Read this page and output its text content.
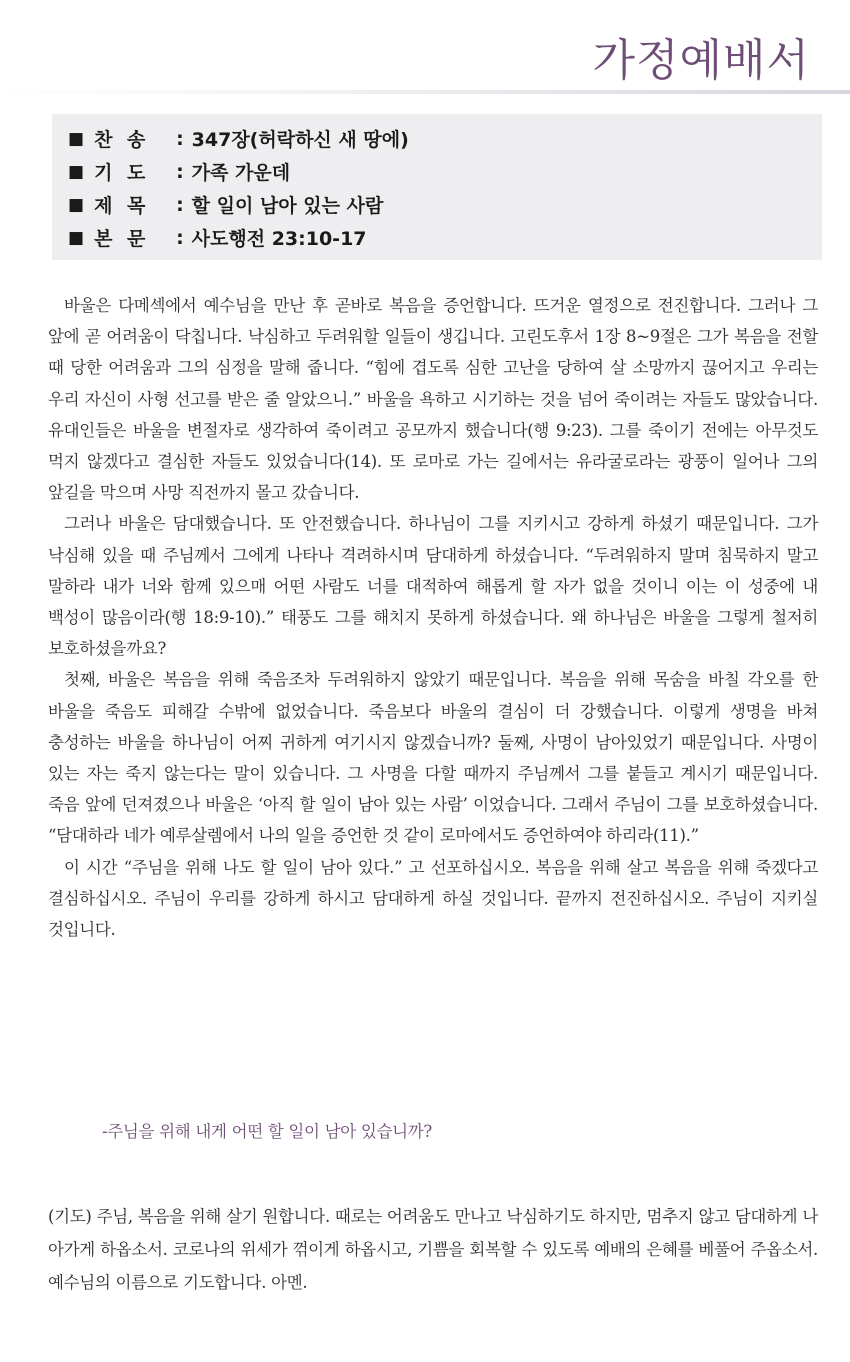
가정예배서
■ 찬 송	: 347장(허락하신 새 땅에)
■ 기 도	: 가족 가운데
■ 제 목	: 할 일이 남아 있는 사람
■ 본 문	: 사도행전 23:10-17

바울은 다메섹에서 예수님을 만난 후 곧바로 복음을 증언합니다. 뜨거운 열정으로 전진합니다. 그러나 그 앞에 곧 어려움이 닥칩니다. 낙심하고 두려워할 일들이 생깁니다. 고린도후서 1장 8~9절은 그가 복음을 전할 때 당한 어려움과 그의 심정을 말해 줍니다. “힘에 겹도록 심한 고난을 당하여 살 소망까지 끊어지고 우리는 우리 자신이 사형 선고를 받은 줄 알았으니.” 바울을 욕하고 시기하는 것을 넘어 죽이려는 자들도 많았습니다. 유대인들은 바울을 변절자로 생각하여 죽이려고 공모까지 했습니다(행 9:23). 그를 죽이기 전에는 아무것도 먹지 않겠다고 결심한 자들도 있었습니다(14). 또 로마로 가는 길에서는 유라굴로라는 광풍이 일어나 그의 앞길을 막으며 사망 직전까지 몰고 갔습니다.

그러나 바울은 담대했습니다. 또 안전했습니다. 하나님이 그를 지키시고 강하게 하셨기 때문입니다. 그가 낙심해 있을 때 주님께서 그에게 나타나 격려하시며 담대하게 하셨습니다. “두려워하지 말며 침묵하지 말고 말하라 내가 너와 함께 있으매 어떤 사람도 너를 대적하여 해롭게 할 자가 없을 것이니 이는 이 성중에 내 백성이 많음이라(행 18:9-10).” 태풍도 그를 해치지 못하게 하셨습니다. 왜 하나님은 바울을 그렇게 철저히 보호하셨을까요?

첫째, 바울은 복음을 위해 죽음조차 두려워하지 않았기 때문입니다. 복음을 위해 목숨을 바칠 각오를 한 바울을 죽음도 피해갈 수밖에 없었습니다. 죽음보다 바울의 결심이 더 강했습니다. 이렇게 생명을 바쳐 충성하는 바울을 하나님이 어찌 귀하게 여기시지 않겠습니까? 둘째, 사명이 남아있었기 때문입니다. 사명이 있는 자는 죽지 않는다는 말이 있습니다. 그 사명을 다할 때까지 주님께서 그를 붙들고 계시기 때문입니다. 죽음 앞에 던져졌으나 바울은 ‘아직 할 일이 남아 있는 사람’ 이었습니다. 그래서 주님이 그를 보호하셨습니다. “담대하라 네가 예루살렘에서 나의 일을 증언한 것 같이 로마에서도 증언하여야 하리라(11).”

이 시간 “주님을 위해 나도 할 일이 남아 있다.” 고 선포하십시오. 복음을 위해 살고 복음을 위해 죽겠다고 결심하십시오. 주님이 우리를 강하게 하시고 담대하게 하실 것입니다. 끝까지 전진하십시오. 주님이 지키실 것입니다.

-주님을 위해 내게 어떤 할 일이 남아 있습니까?

(기도) 주님, 복음을 위해 살기 원합니다. 때로는 어려움도 만나고 낙심하기도 하지만, 멈추지 않고 담대하게 나아가게 하옵소서. 코로나의 위세가 꺾이게 하옵시고, 기쁨을 회복할 수 있도록 예배의 은혜를 베풀어 주옵소서.예수님의 이름으로 기도합니다. 아멘.
